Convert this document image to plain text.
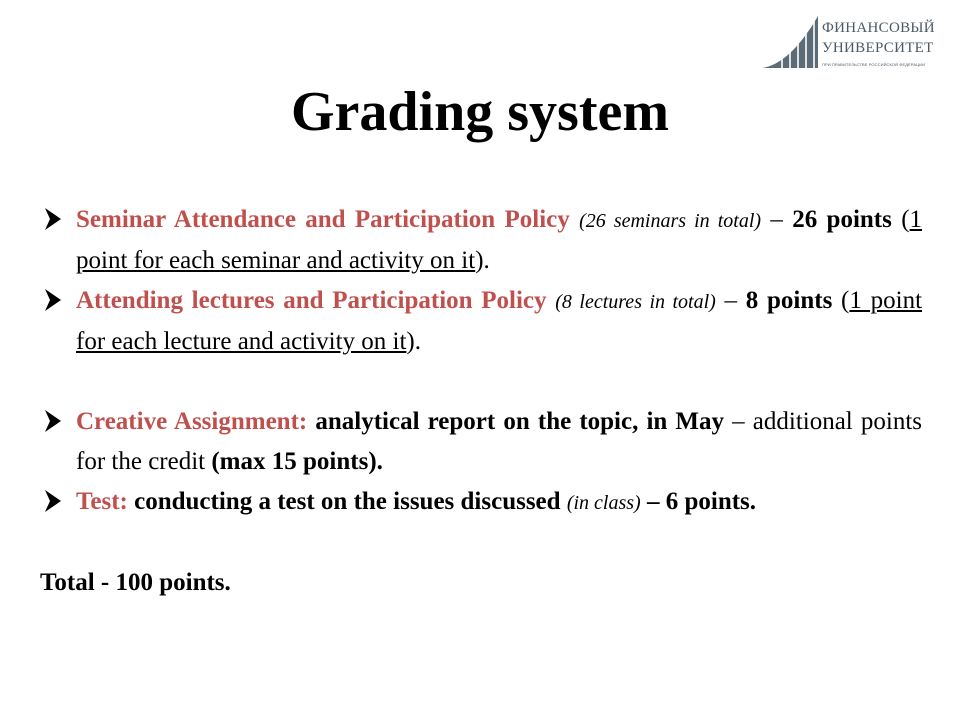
ФИНАНСОВЫЙ
УНИВЕРСИТЕТ
ПРИ ПРАВИТЕЛЬСТВЕ РОССИЙСКОЙ ФЕДЕРАЦИИ
Grading system
Seminar Attendance and Participation Policy (26 seminars in total) – 26 points (1 point for each seminar and activity on it).
Attending lectures and Participation Policy (8 lectures in total) – 8 points (1 point for each lecture and activity on it).
Creative Assignment: analytical report on the topic, in May – additional points for the credit (max 15 points).
Test: conducting a test on the issues discussed (in class) – 6 points.
Total - 100 points.
